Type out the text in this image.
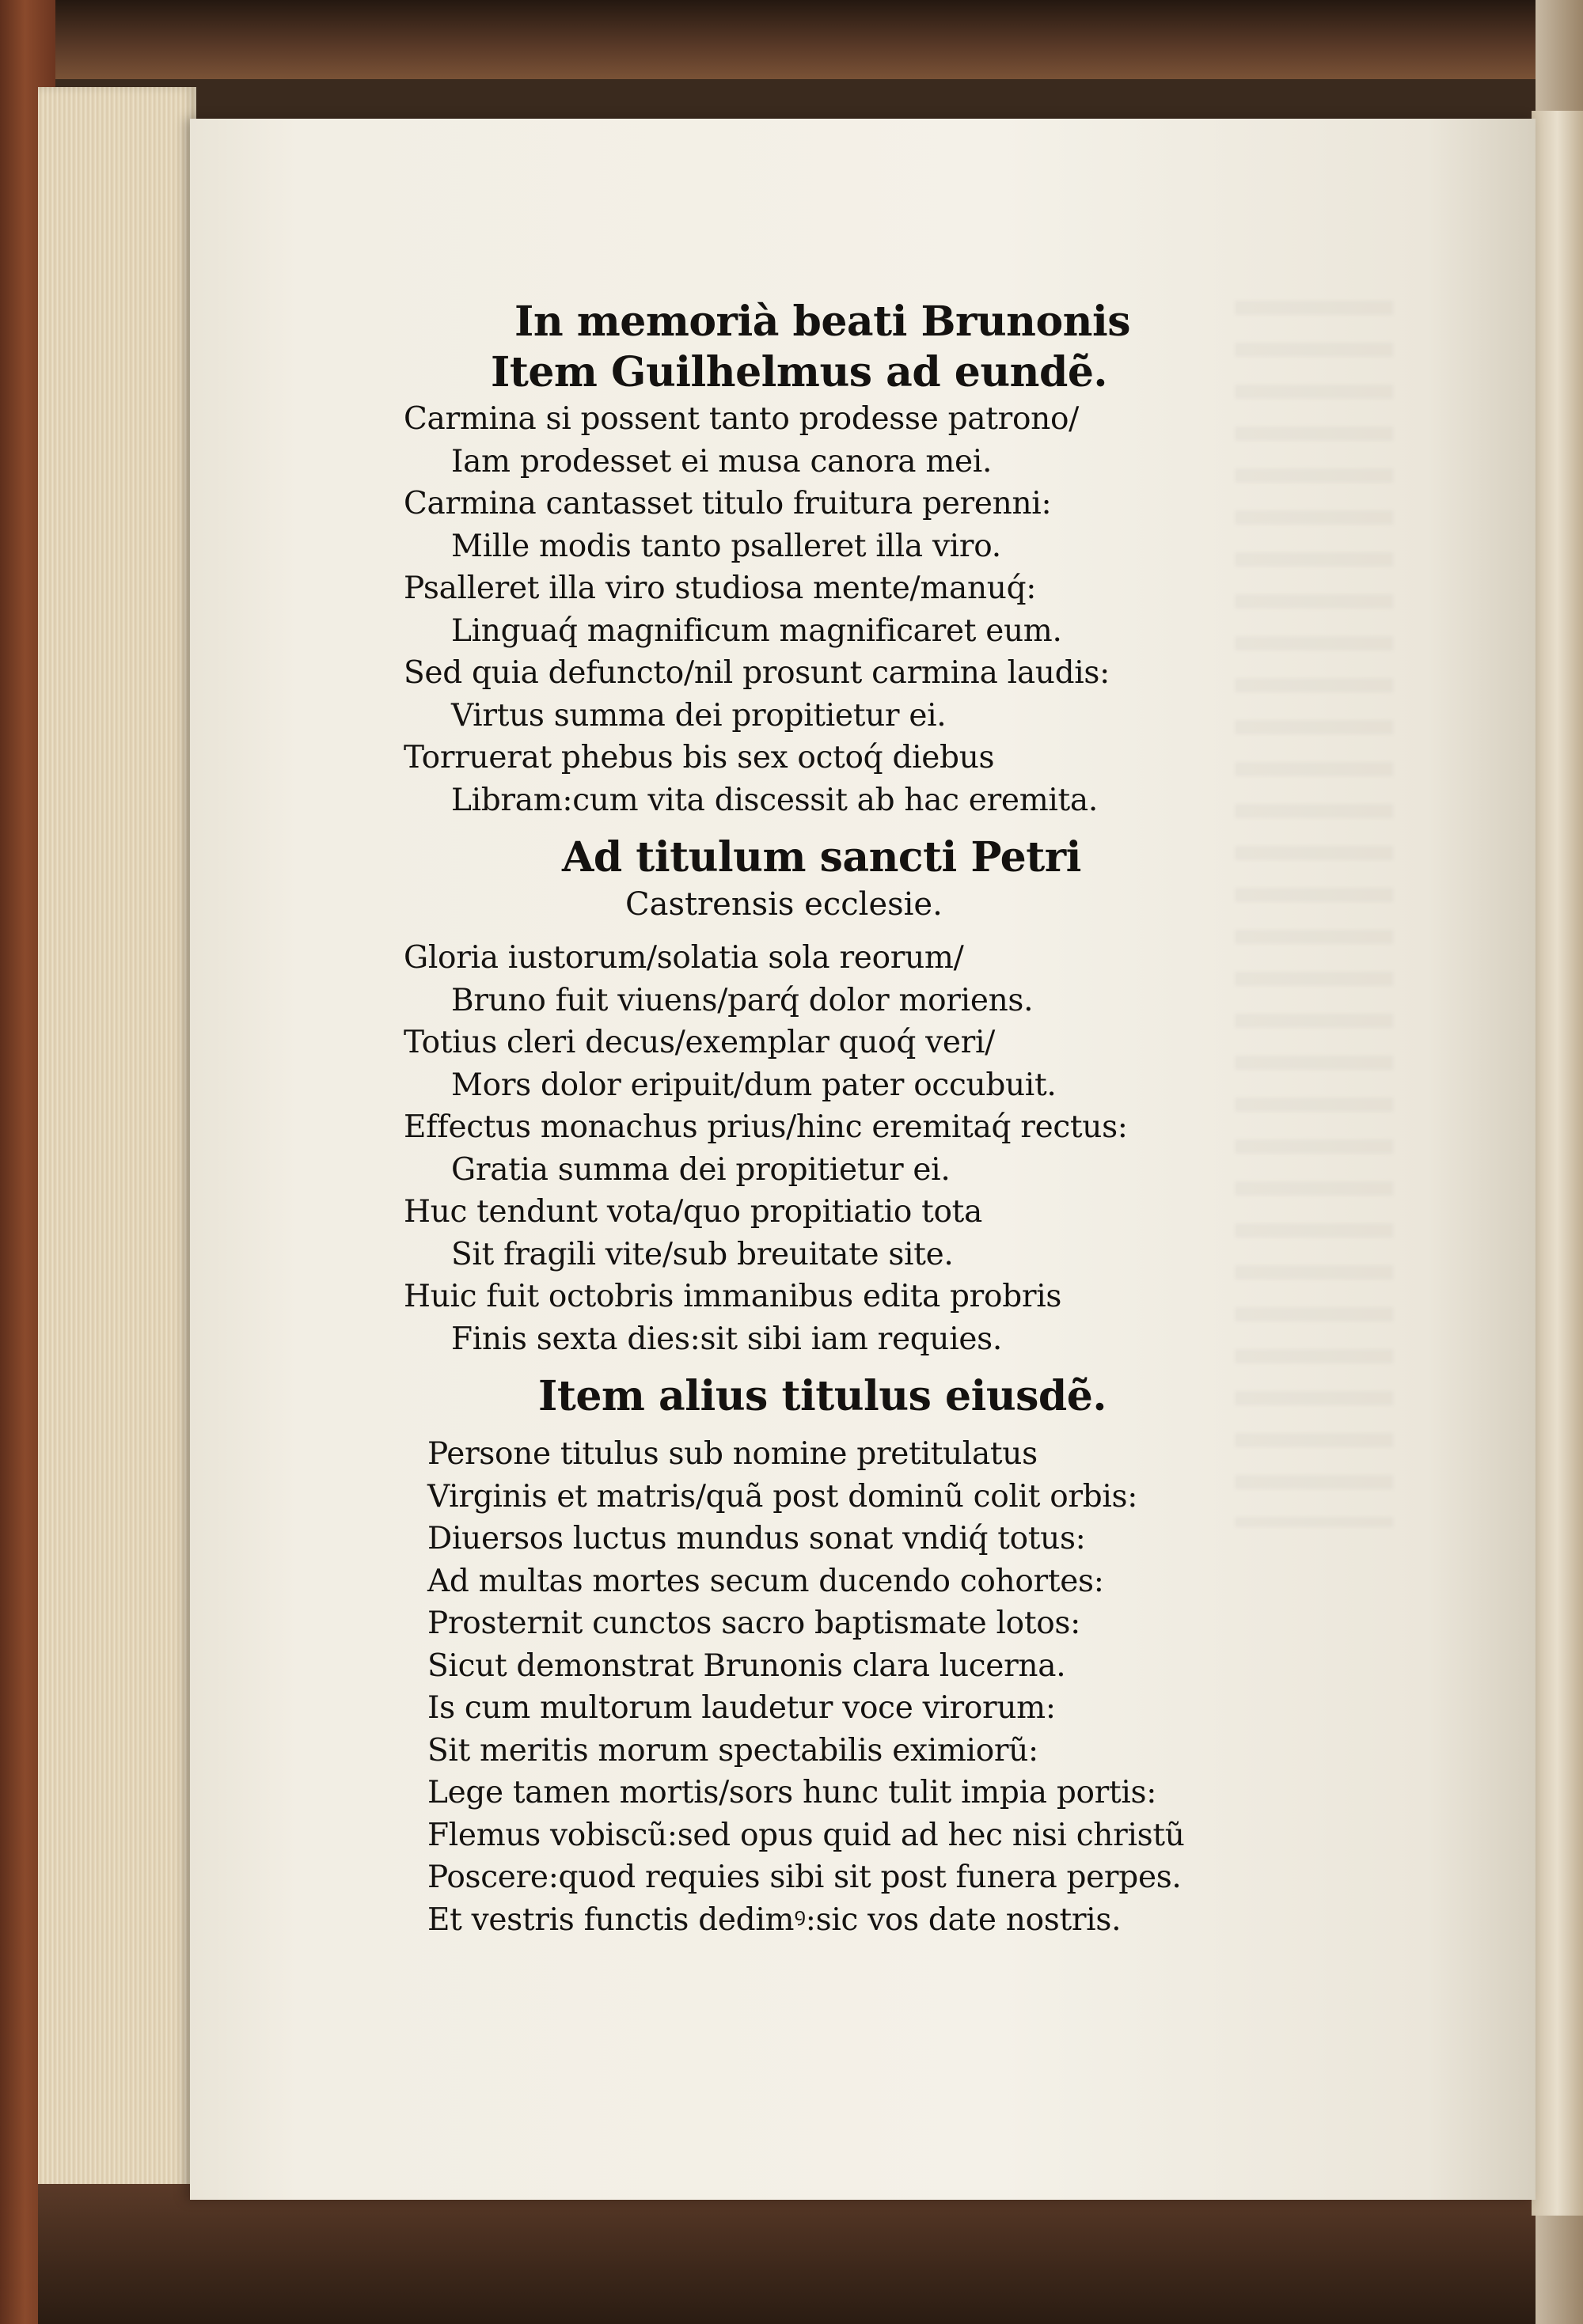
In memorià beati Brunonis
Item Guilhelmus ad eundẽ.
Carmina si possent tanto prodesse patrono/
Iam prodesset ei musa canora mei.
Carmina cantasset titulo fruitura perenni:
Mille modis tanto psalleret illa viro.
Psalleret illa viro studiosa mente/manuq́:
Linguaq́ magnificum magnificaret eum.
Sed quia defuncto/nil prosunt carmina laudis:
Virtus summa dei propitietur ei.
Torruerat phebus bis sex octoq́ diebus
Libram:cum vita discessit ab hac eremita.
Ad titulum sancti Petri
Castrensis ecclesie.
Gloria iustorum/solatia sola reorum/
Bruno fuit viuens/parq́ dolor moriens.
Totius cleri decus/exemplar quoq́ veri/
Mors dolor eripuit/dum pater occubuit.
Effectus monachus prius/hinc eremitaq́ rectus:
Gratia summa dei propitietur ei.
Huc tendunt vota/quo propitiatio tota
Sit fragili vite/sub breuitate site.
Huic fuit octobris immanibus edita probris
Finis sexta dies:sit sibi iam requies.
Item alius titulus eiusdẽ.
Persone titulus sub nomine pretitulatus
Virginis et matris/quã post dominũ colit orbis:
Diuersos luctus mundus sonat vndiq́ totus:
Ad multas mortes secum ducendo cohortes:
Prosternit cunctos sacro baptismate lotos:
Sicut demonstrat Brunonis clara lucerna.
Is cum multorum laudetur voce virorum:
Sit meritis morum spectabilis eximiorũ:
Lege tamen mortis/sors hunc tulit impia portis:
Flemus vobiscũ:sed opus quid ad hec nisi christũ
Poscere:quod requies sibi sit post funera perpes.
Et vestris functis dedimꝰ:sic vos date nostris.
